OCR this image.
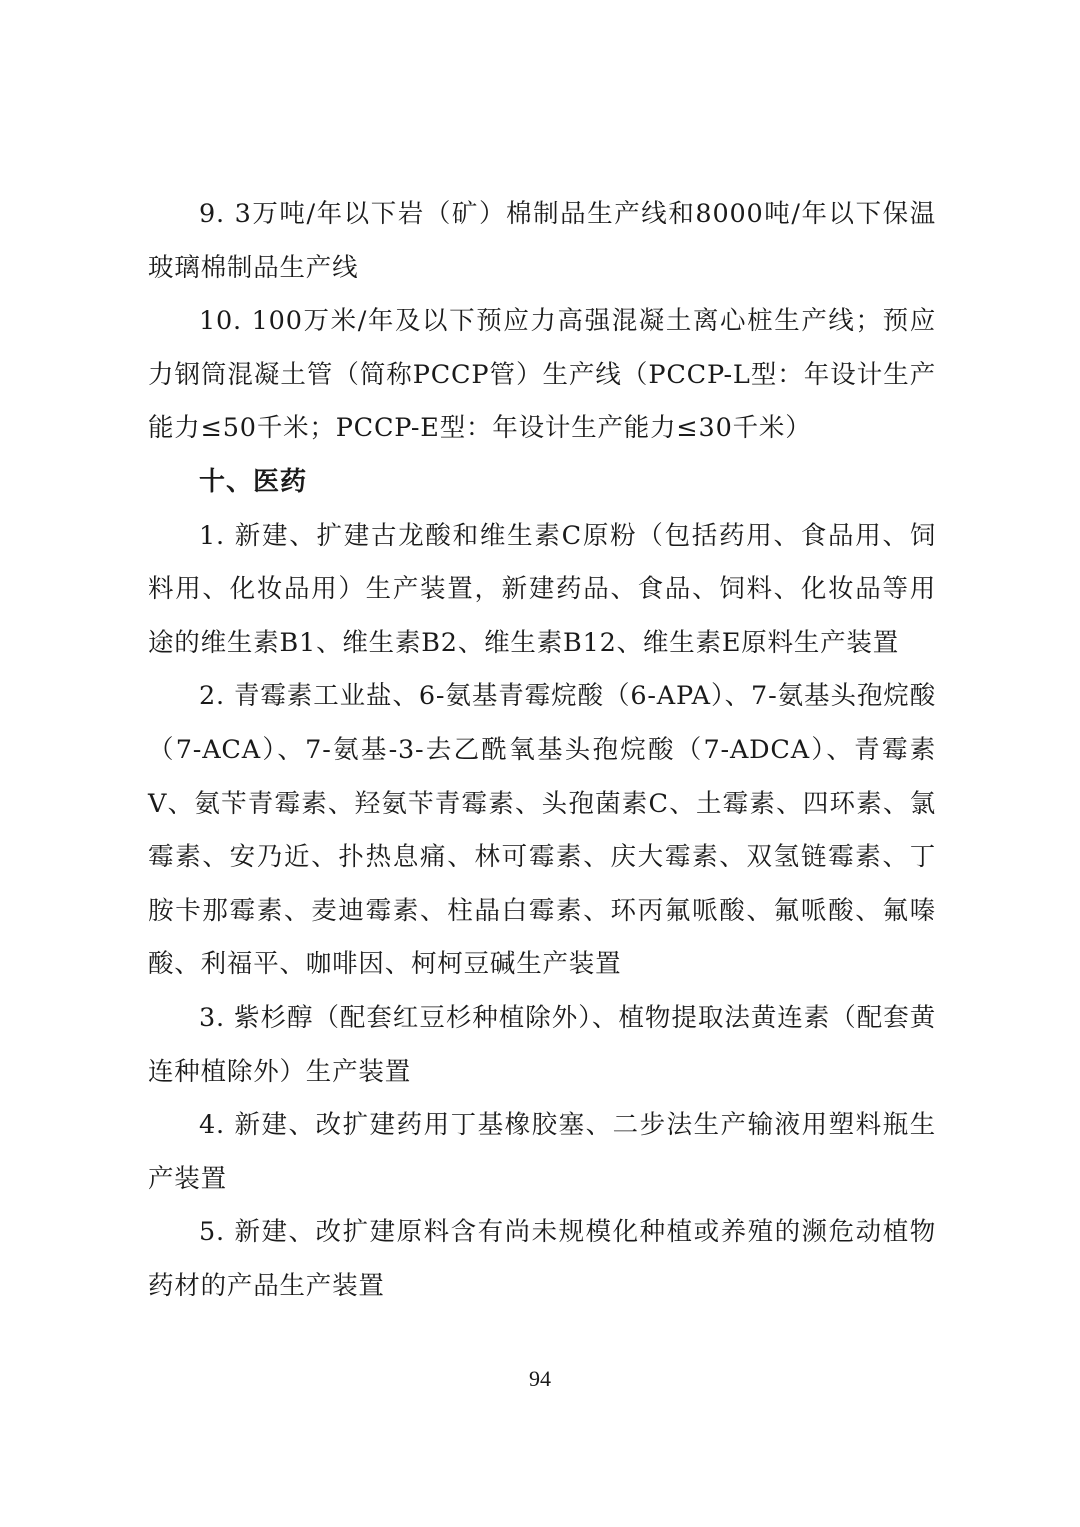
9. 3万吨/年以下岩（矿）棉制品生产线和8000吨/年以下保温玻璃棉制品生产线

10. 100万米/年及以下预应力高强混凝土离心桩生产线；预应力钢筒混凝土管（简称PCCP管）生产线（PCCP-L型：年设计生产能力≤50千米；PCCP-E型：年设计生产能力≤30千米）

十、医药

1. 新建、扩建古龙酸和维生素C原粉（包括药用、食品用、饲料用、化妆品用）生产装置，新建药品、食品、饲料、化妆品等用途的维生素B1、维生素B2、维生素B12、维生素E原料生产装置

2. 青霉素工业盐、6-氨基青霉烷酸（6-APA）、7-氨基头孢烷酸（7-ACA）、7-氨基-3-去乙酰氧基头孢烷酸（7-ADCA）、青霉素V、氨苄青霉素、羟氨苄青霉素、头孢菌素C、土霉素、四环素、氯霉素、安乃近、扑热息痛、林可霉素、庆大霉素、双氢链霉素、丁胺卡那霉素、麦迪霉素、柱晶白霉素、环丙氟哌酸、氟哌酸、氟嗪酸、利福平、咖啡因、柯柯豆碱生产装置

3. 紫杉醇（配套红豆杉种植除外）、植物提取法黄连素（配套黄连种植除外）生产装置

4. 新建、改扩建药用丁基橡胶塞、二步法生产输液用塑料瓶生产装置

5. 新建、改扩建原料含有尚未规模化种植或养殖的濒危动植物药材的产品生产装置

94
